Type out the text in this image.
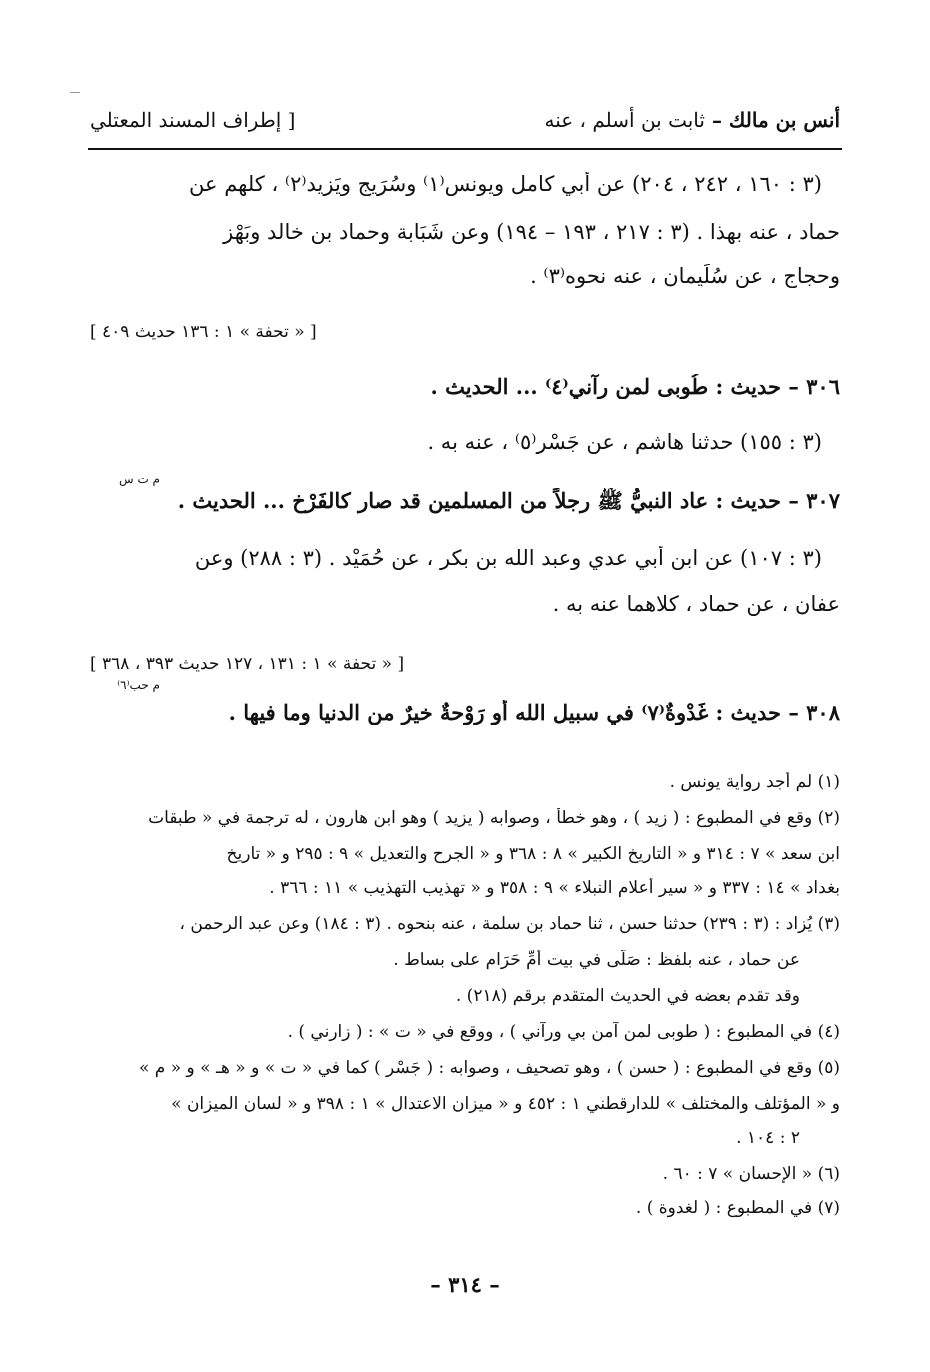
أنس بن مالك – ثابت بن أسلم ، عنه
[ إطراف المسند المعتلي
(٣ : ١٦٠ ، ٢٤٢ ، ٢٠٤) عن أبي كامل ويونس⁽١⁾ وسُرَيج ويَزِيد⁽٢⁾ ، كلهم عن
حماد ، عنه بهذا . (٣ : ٢١٧ ، ١٩٣ – ١٩٤) وعن شَبَابة وحماد بن خالد وبَهْز
وحجاج ، عن سُلَيمان ، عنه نحوه⁽٣⁾ .
[ « تحفة » ١ : ١٣٦ حديث ٤٠٩ ]
٣٠٦ – حديث : طُوبى لمن رآني⁽٤⁾ ... الحديث .
(٣ : ١٥٥) حدثنا هاشم ، عن جَسْرٍ⁽٥⁾ ، عنه به .
م ت س
٣٠٧ – حديث : عاد النبيُّ ﷺ رجلاً من المسلمين قد صار كالفَرْخ ... الحديث .
(٣ : ١٠٧) عن ابن أبي عدي وعبد الله بن بكر ، عن حُمَيْد . (٣ : ٢٨٨) وعن
عفان ، عن حماد ، كلاهما عنه به .
[ « تحفة » ١ : ١٣١ ، ١٢٧ حديث ٣٩٣ ، ٣٦٨ ]
م حب⁽٦⁾
٣٠٨ – حديث : غَدْوةٌ⁽٧⁾ في سبيل الله أو رَوْحةٌ خيرٌ من الدنيا وما فيها .
(١) لم أجد رواية يونس .
(٢) وقع في المطبوع : ( زيد ) ، وهو خطأ ، وصوابه ( يزيد ) وهو ابن هارون ، له ترجمة في « طبقات
ابن سعد » ٧ : ٣١٤ و « التاريخ الكبير » ٨ : ٣٦٨ و « الجرح والتعديل » ٩ : ٢٩٥ و « تاريخ
بغداد » ١٤ : ٣٣٧ و « سير أعلام النبلاء » ٩ : ٣٥٨ و « تهذيب التهذيب » ١١ : ٣٦٦ .
(٣) يُزاد : (٣ : ٢٣٩) حدثنا حسن ، ثنا حماد بن سلمة ، عنه بنحوه . (٣ : ١٨٤) وعن عبد الرحمن ،
عن حماد ، عنه بلفظ : صَلَّى في بيت أُمِّ حَرَام على بساط .
وقد تقدم بعضه في الحديث المتقدم برقم (٢١٨) .
(٤) في المطبوع : ( طوبى لمن آمن بي ورآني ) ، ووقع في « ت » : ( زارني ) .
(٥) وقع في المطبوع : ( حسن ) ، وهو تصحيف ، وصوابه : ( جَسْر ) كما في « ت » و « هـ » و « م »
و « المؤتلف والمختلف » للدارقطني ١ : ٤٥٢ و « ميزان الاعتدال » ١ : ٣٩٨ و « لسان الميزان »
٢ : ١٠٤ .
(٦) « الإحسان » ٧ : ٦٠ .
(٧) في المطبوع : ( لغدوة ) .
– ٣١٤ –
